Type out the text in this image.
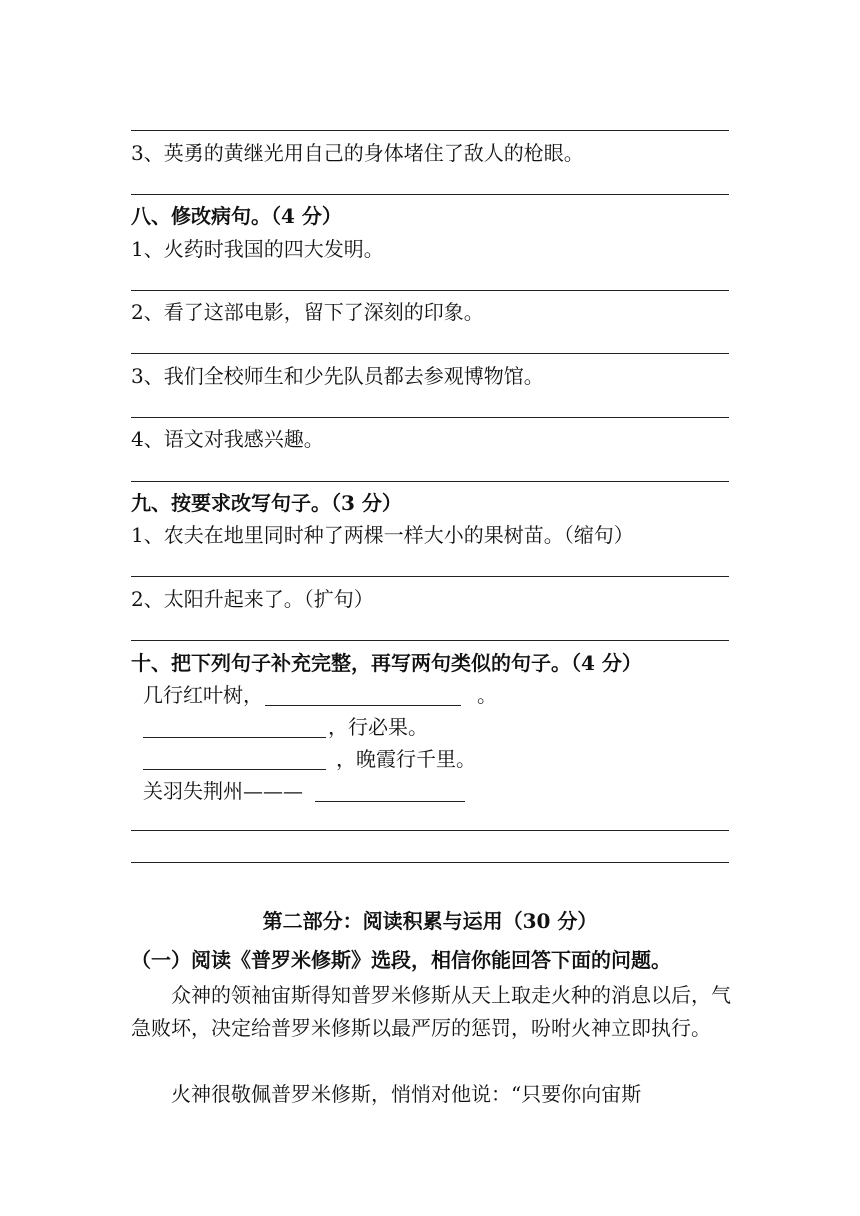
3、英勇的黄继光用自己的身体堵住了敌人的枪眼。
八、修改病句。（4 分）
1、火药时我国的四大发明。
2、看了这部电影，留下了深刻的印象。
3、我们全校师生和少先队员都去参观博物馆。
4、语文对我感兴趣。
九、按要求改写句子。（3 分）
1、农夫在地里同时种了两棵一样大小的果树苗。（缩句）
2、太阳升起来了。（扩句）
十、把下列句子补充完整，再写两句类似的句子。（4 分）
几行红叶树，	。
，行必果。
，晚霞行千里。
关羽失荆州———
第二部分：阅读积累与运用（30 分）
（一）阅读《普罗米修斯》选段，相信你能回答下面的问题。
众神的领袖宙斯得知普罗米修斯从天上取走火种的消息以后，气急败坏，决定给普罗米修斯以最严厉的惩罚，吩咐火神立即执行。
火神很敬佩普罗米修斯，悄悄对他说：“只要你向宙斯
